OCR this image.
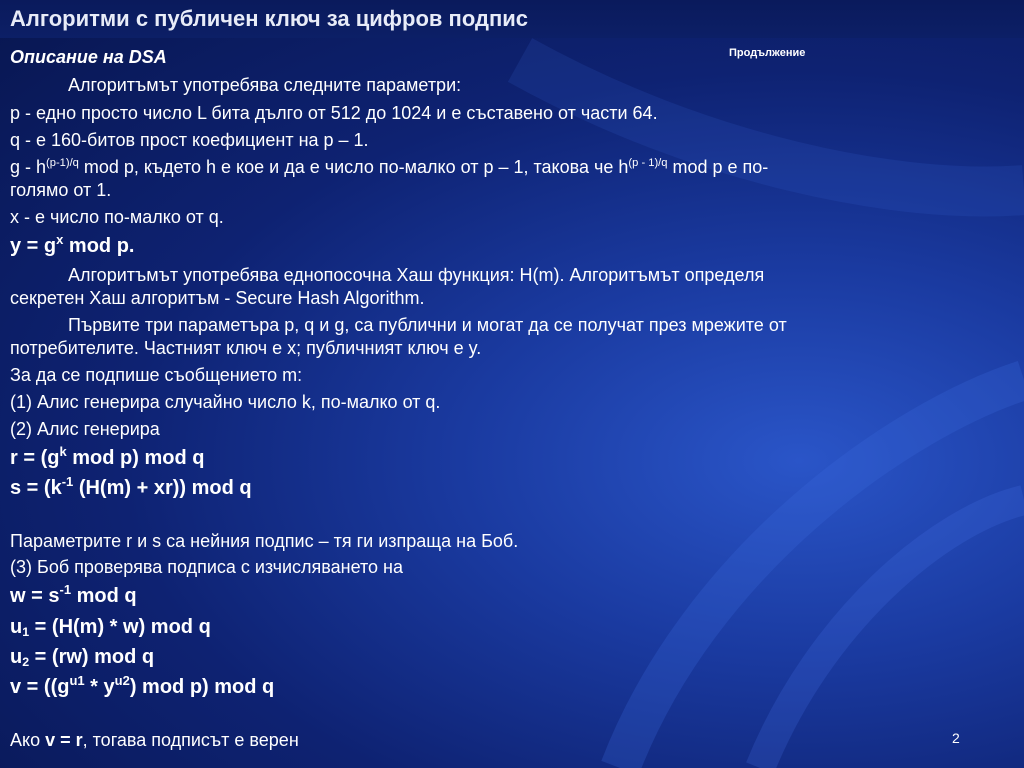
Алгоритми с публичен ключ за цифров подпис
Описание на DSA	Продължение
Алгоритъмът употребява следните параметри:
p - едно просто число L бита дълго от 512 до 1024 и е съставено от части 64.
q - е 160-битов прост коефициент на p – 1.
g - $h^{(p-1)/q}$ mod p, където h е кое и да е число по-малко от p – 1, такова че $h^{(p - 1)/q}$ mod p е по-
голямо от 1.
x - е число по-малко от q.
$y = g^x$ mod p.
Алгоритъмът употребява еднопосочна Хаш функция: H(m). Алгоритъмът определя
секретен Хаш алгоритъм - Secure Hash Algorithm.
Първите три параметъра p, q и g, са публични и могат да се получат през мрежите от
потребителите. Частният ключ е x; публичният ключ е y.
За да се подпише съобщението m:
(1) Алис генерира случайно число k, по-малко от q.
(2) Алис генерира
$r = (g^k$ mod p) mod q
$s = (k^{-1}$ (H(m) + xr)) mod q
Параметрите r и s са нейния подпис – тя ги изпраща на Боб.
(3) Боб проверява подписа с изчисляването на
$w = s^{-1}$ mod q
$u_1 = (H(m) * w)$ mod q
$u_2 = (rw)$ mod q
$v = ((g^{u1} * y^{u2})$ mod p) mod q
Ако v = r, тогава подписът е верен	2
